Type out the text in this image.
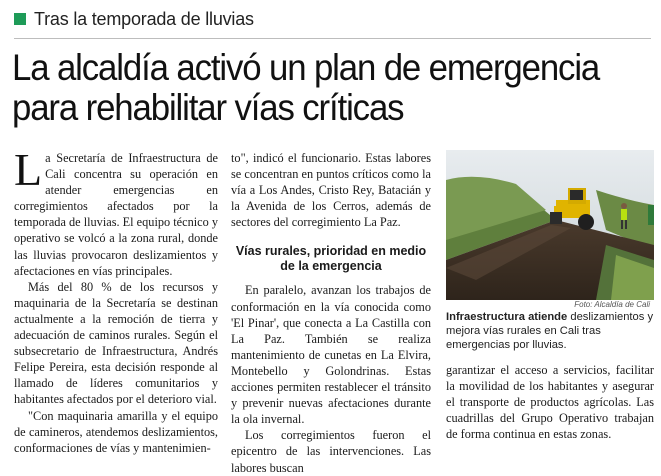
Tras la temporada de lluvias
La alcaldía activó un plan de emergencia
para rehabilitar vías críticas

La Secretaría de Infraestructura de Cali concentra su operación en atender emergencias en corregimientos afectados por la temporada de lluvias. El equipo técnico y operativo se volcó a la zona rural, donde las lluvias provocaron deslizamientos y afectaciones en vías principales.

Más del 80 % de los recursos y maquinaria de la Secretaría se destinan actualmente a la remoción de tierra y adecuación de caminos rurales. Según el subsecretario de Infraestructura, Andrés Felipe Pereira, esta decisión responde al llamado de líderes comunitarios y habitantes afectados por el deterioro vial.

"Con maquinaria amarilla y el equipo de camineros, atendemos deslizamientos, conformaciones de vías y mantenimien-

to", indicó el funcionario. Estas labores se concentran en puntos críticos como la vía a Los Andes, Cristo Rey, Batacián y la Avenida de los Cerros, además de sectores del corregimiento La Paz.

Vías rurales, prioridad en medio de la emergencia

En paralelo, avanzan los trabajos de conformación en la vía conocida como 'El Pinar', que conecta a La Castilla con La Paz. También se realiza mantenimiento de cunetas en La Elvira, Montebello y Golondrinas. Estas acciones permiten restablecer el tránsito y prevenir nuevas afectaciones durante la ola invernal.

Los corregimientos fueron el epicentro de las intervenciones. Las labores buscan

Foto: Alcaldía de Cali
Infraestructura atiende deslizamientos y mejora vías rurales en Cali tras emergencias por lluvias.

garantizar el acceso a servicios, facilitar la movilidad de los habitantes y asegurar el transporte de productos agrícolas. Las cuadrillas del Grupo Operativo trabajan de forma continua en estas zonas.
